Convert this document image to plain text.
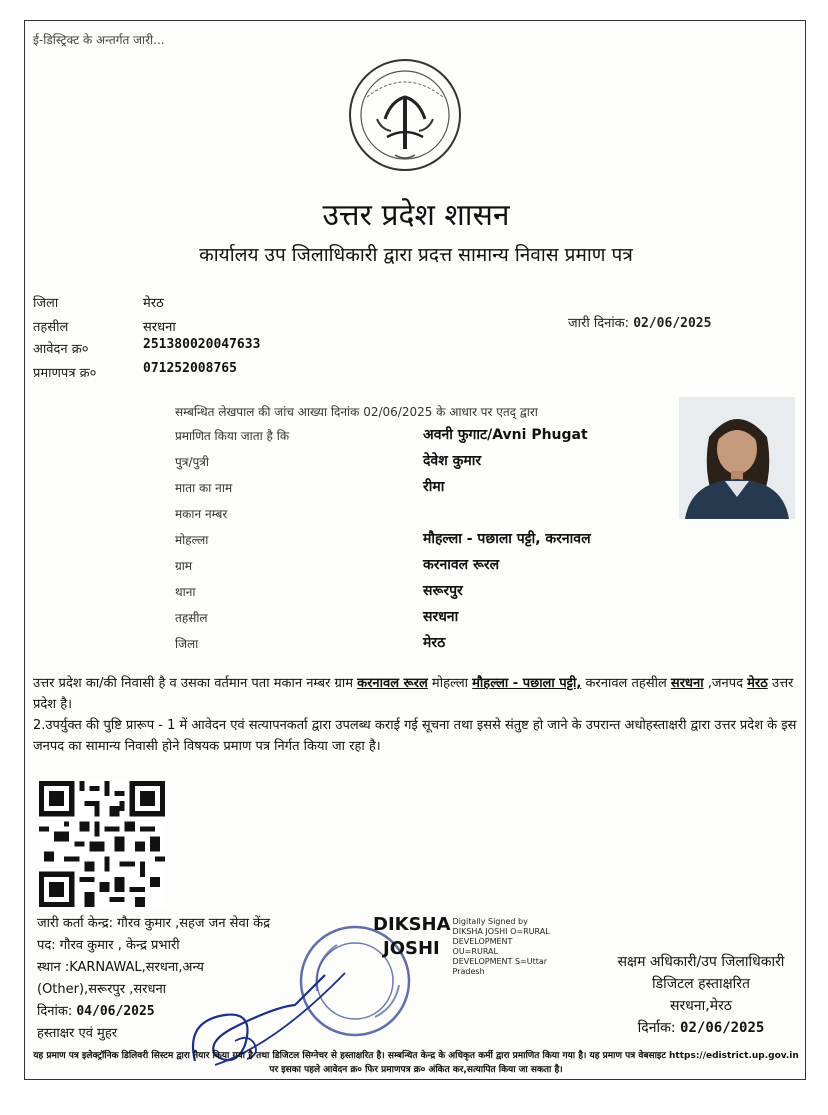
ई-डिस्ट्रिक्ट के अन्तर्गत जारी...
उत्तर प्रदेश शासन
कार्यालय उप जिलाधिकारी द्वारा प्रदत्त सामान्य निवास प्रमाण पत्र
जिला	मेरठ
तहसील	सरधना
आवेदन क्र०	251380020047633
प्रमाणपत्र क्र०	071252008765
जारी दिनांक: 02/06/2025
सम्बन्धित लेखपाल की जांच आख्या दिनांक 02/06/2025 के आधार पर एतद् द्वारा
प्रमाणित किया जाता है कि	अवनी फुगाट/Avni Phugat
पुत्र/पुत्री	देवेश कुमार
माता का नाम	रीमा
मकान नम्बर
मोहल्ला	मौहल्ला - पछाला पट्टी, करनावल
ग्राम	करनावल रूरल
थाना	सरूरपुर
तहसील	सरधना
जिला	मेरठ
उत्तर प्रदेश का/की निवासी है व उसका वर्तमान पता मकान नम्बर ग्राम करनावल रूरल मोहल्ला मौहल्ला - पछाला पट्टी, करनावल तहसील सरधना ,जनपद मेरठ उत्तर प्रदेश है।
2.उपर्युक्त की पुष्टि प्रारूप - 1 में आवेदन एवं सत्यापनकर्ता द्वारा उपलब्ध कराई गई सूचना तथा इससे संतुष्ट हो जाने के उपरान्त अधोहस्ताक्षरी द्वारा उत्तर प्रदेश के इस जनपद का सामान्य निवासी होने विषयक प्रमाण पत्र निर्गत किया जा रहा है।
जारी कर्ता केन्द्र: गौरव कुमार ,सहज जन सेवा केंद्र
पद: गौरव कुमार , केन्द्र प्रभारी
स्थान :KARNAWAL,सरधना,अन्य
(Other),सरूरपुर ,सरधना
दिनांक: 04/06/2025
हस्ताक्षर एवं मुहर
DIKSHA
JOSHI
Digitally Signed by
DIKSHA JOSHI O=RURAL
DEVELOPMENT
OU=RURAL
DEVELOPMENT S=Uttar
Pradesh
सक्षम अधिकारी/उप जिलाधिकारी
डिजिटल हस्ताक्षरित
सरधना,मेरठ
दिर्नाक: 02/06/2025
यह प्रमाण पत्र इलेक्ट्रॉनिक डिलिवरी सिस्टम द्वारा तैयार किया गया है तथा डिजिटल सिग्नेचर से हस्ताक्षरित है। सम्बन्धित केन्द्र के अधिकृत कर्मी द्वारा प्रमाणित किया गया है। यह प्रमाण पत्र वेबसाइट https://edistrict.up.gov.in पर इसका पहले आवेदन क्र० फिर प्रमाणपत्र क्र० अंकित कर,सत्यापित किया जा सकता है।
